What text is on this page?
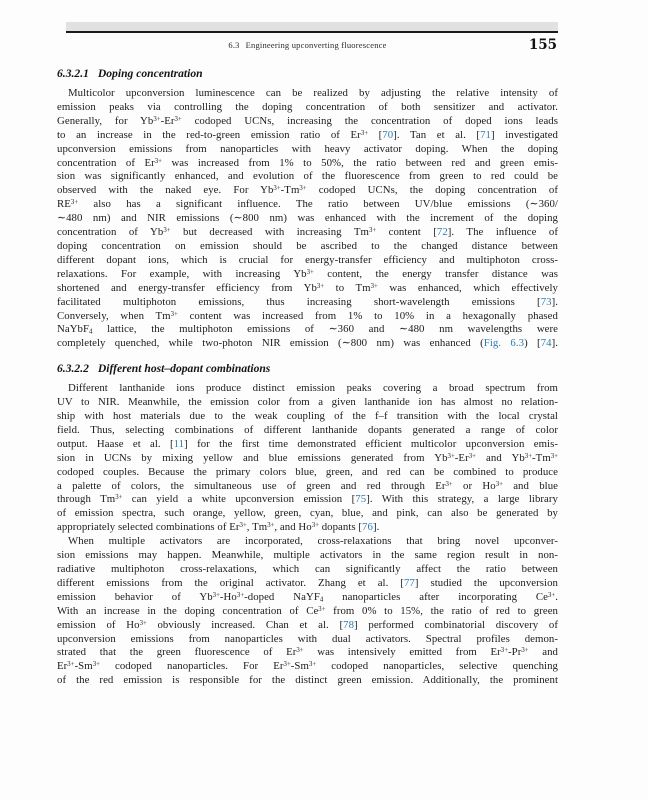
6.3 Engineering upconverting fluorescence	155
6.3.2.1 Doping concentration
Multicolor upconversion luminescence can be realized by adjusting the relative intensity of
emission peaks via controlling the doping concentration of both sensitizer and activator.
Generally, for $Yb^{3+}-Er^{3+}$ codoped UCNs, increasing the concentration of doped ions leads
to an increase in the red-to-green emission ratio of $Er^{3+}$ [70]. Tan et al. [71] investigated
upconversion emissions from nanoparticles with heavy activator doping. When the doping
concentration of $Er^{3+}$ was increased from 1% to 50%, the ratio between red and green emis-
sion was significantly enhanced, and evolution of the fluorescence from green to red could be
observed with the naked eye. For $Yb^{3+}-Tm^{3+}$ codoped UCNs, the doping concentration of
$RE^{3+}$ also has a significant influence. The ratio between UV/blue emissions (∼360/
∼480 nm) and NIR emissions (∼800 nm) was enhanced with the increment of the doping
concentration of $Yb^{3+}$ but decreased with increasing $Tm^{3+}$ content [72]. The influence of
doping concentration on emission should be ascribed to the changed distance between
different dopant ions, which is crucial for energy-transfer efficiency and multiphoton cross-
relaxations. For example, with increasing $Yb^{3+}$ content, the energy transfer distance was
shortened and energy-transfer efficiency from $Yb^{3+}$ to $Tm^{3+}$ was enhanced, which effectively
facilitated multiphoton emissions, thus increasing short-wavelength emissions [73].
Conversely, when $Tm^{3+}$ content was increased from 1% to 10% in a hexagonally phased
NaYbF$_4$ lattice, the multiphoton emissions of ∼360 and ∼480 nm wavelengths were
completely quenched, while two-photon NIR emission (∼800 nm) was enhanced (Fig. 6.3) [74].
6.3.2.2 Different host–dopant combinations
Different lanthanide ions produce distinct emission peaks covering a broad spectrum from
UV to NIR. Meanwhile, the emission color from a given lanthanide ion has almost no relation-
ship with host materials due to the weak coupling of the f–f transition with the local crystal
field. Thus, selecting combinations of different lanthanide dopants generated a range of color
output. Haase et al. [11] for the first time demonstrated efficient multicolor upconversion emis-
sion in UCNs by mixing yellow and blue emissions generated from $Yb^{3+}-Er^{3+}$ and $Yb^{3+}-Tm^{3+}$
codoped couples. Because the primary colors blue, green, and red can be combined to produce
a palette of colors, the simultaneous use of green and red through $Er^{3+}$ or $Ho^{3+}$ and blue
through $Tm^{3+}$ can yield a white upconversion emission [75]. With this strategy, a large library
of emission spectra, such orange, yellow, green, cyan, blue, and pink, can also be generated by
appropriately selected combinations of $Er^{3+}$, $Tm^{3+}$, and $Ho^{3+}$ dopants [76].
When multiple activators are incorporated, cross-relaxations that bring novel upconver-
sion emissions may happen. Meanwhile, multiple activators in the same region result in non-
radiative multiphoton cross-relaxations, which can significantly affect the ratio between
different emissions from the original activator. Zhang et al. [77] studied the upconversion
emission behavior of $Yb^{3+}-Ho^{3+}$-doped NaYF$_4$ nanoparticles after incorporating $Ce^{3+}$.
With an increase in the doping concentration of $Ce^{3+}$ from 0% to 15%, the ratio of red to green
emission of $Ho^{3+}$ obviously increased. Chan et al. [78] performed combinatorial discovery of
upconversion emissions from nanoparticles with dual activators. Spectral profiles demon-
strated that the green fluorescence of $Er^{3+}$ was intensively emitted from $Er^{3+}-Pr^{3+}$ and
$Er^{3+}-Sm^{3+}$ codoped nanoparticles. For $Er^{3+}-Sm^{3+}$ codoped nanoparticles, selective quenching
of the red emission is responsible for the distinct green emission. Additionally, the prominent
